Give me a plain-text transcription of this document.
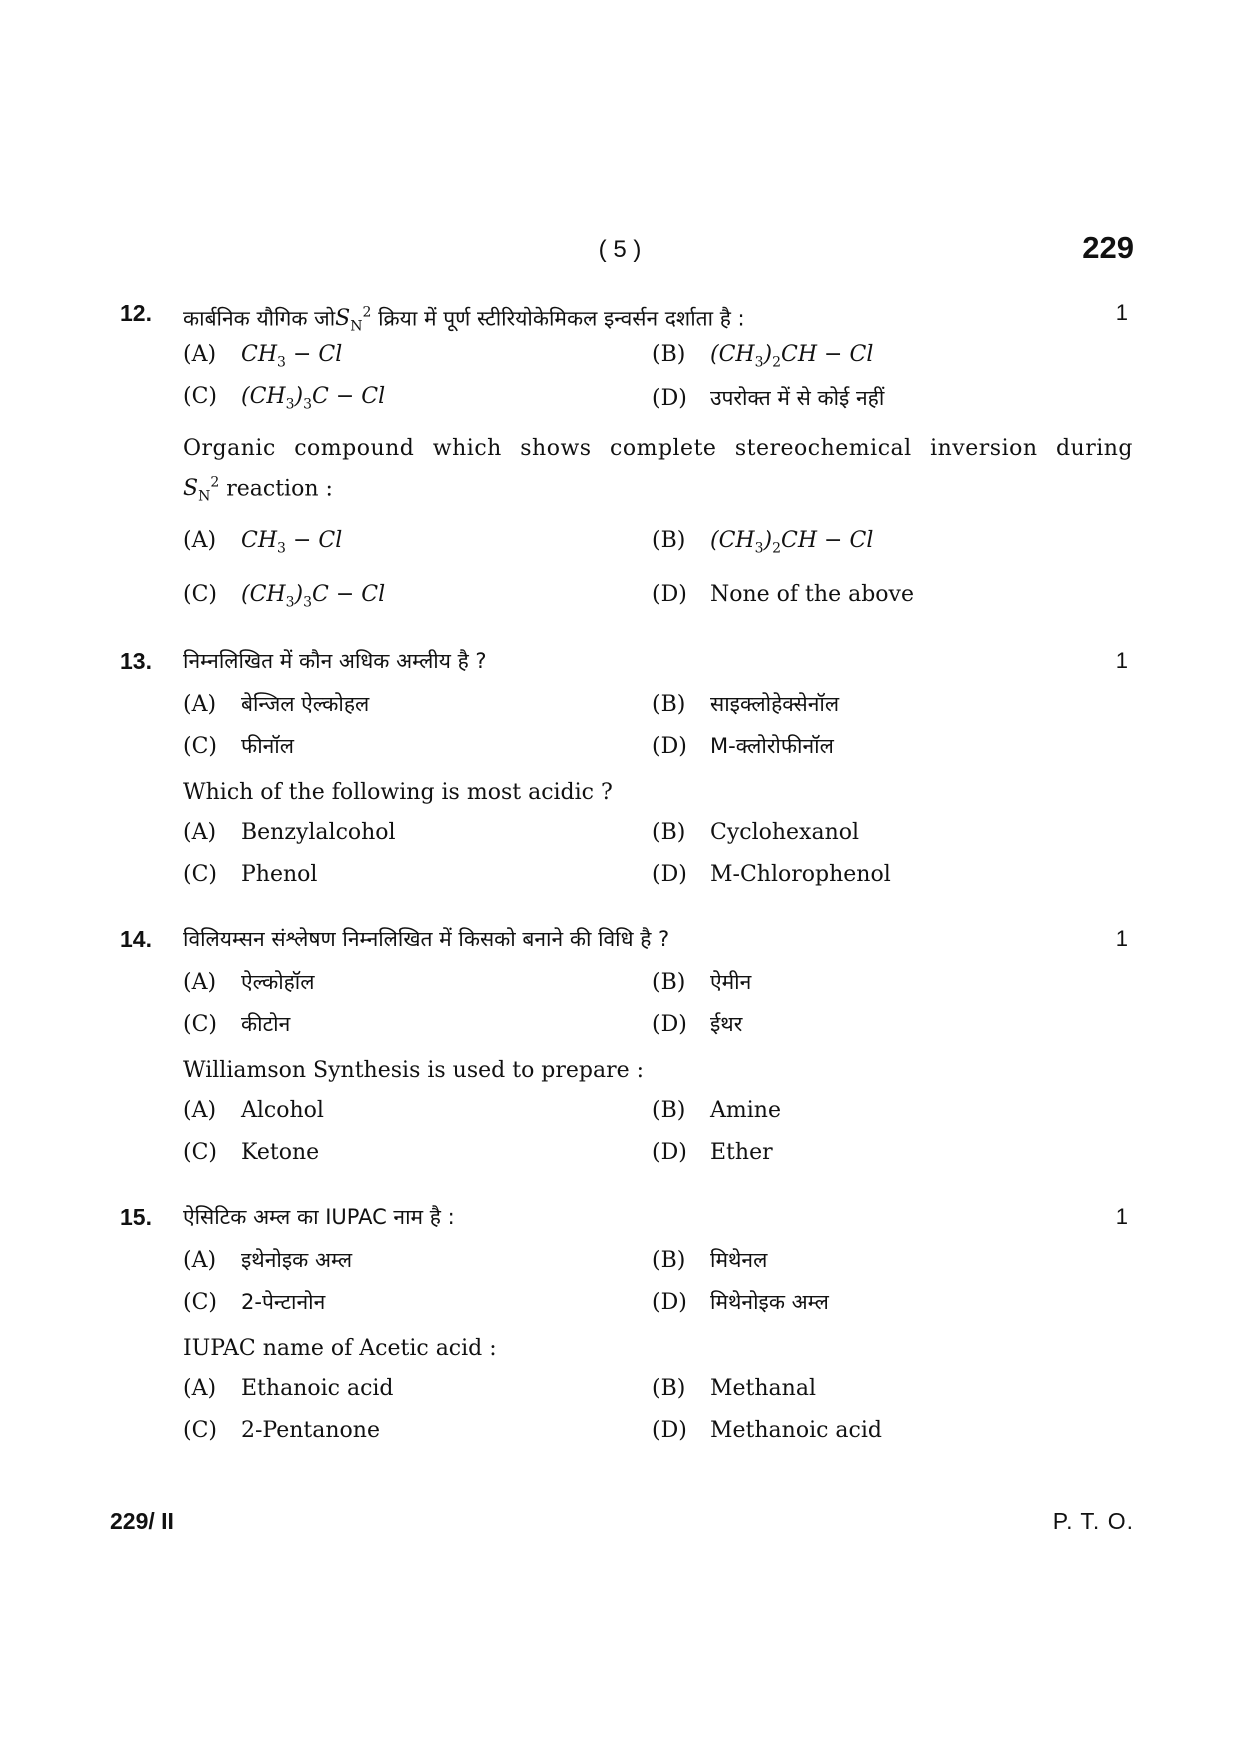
( 5 )	229
12.	1
कार्बनिक यौगिक $जोS_N^2$ क्रिया में पूर्ण स्टीरियोकेमिकल इन्वर्सन दर्शाता है :
(A) $CH_3 - Cl$	(B) $(CH_3)_2CH - Cl$
(C) $(CH_3)_3C - Cl$	(D) उपरोक्त में से कोई नहीं
Organic compound which shows complete stereochemical inversion during
$S_N^2$ reaction :
(A) $CH_3 - Cl$	(B) $(CH_3)_2CH - Cl$
(C) $(CH_3)_3C - Cl$	(D) None of the above
13.	1
निम्नलिखित में कौन अधिक अम्लीय है ?
(A) बेन्जिल ऐल्कोहल	(B) साइक्लोहेक्सेनॉल
(C) फीनॉल	(D) M-क्लोरोफीनॉल
Which of the following is most acidic ?
(A) Benzylalcohol	(B) Cyclohexanol
(C) Phenol	(D) M-Chlorophenol
14.	1
विलियम्सन संश्लेषण निम्नलिखित में किसको बनाने की विधि है ?
(A) ऐल्कोहॉल	(B) ऐमीन
(C) कीटोन	(D) ईथर
Williamson Synthesis is used to prepare :
(A) Alcohol	(B) Amine
(C) Ketone	(D) Ether
15.	1
ऐसिटिक अम्ल का IUPAC नाम है :
(A) इथेनोइक अम्ल	(B) मिथेनल
(C) 2-पेन्टानोन	(D) मिथेनोइक अम्ल
IUPAC name of Acetic acid :
(A) Ethanoic acid	(B) Methanal
(C) 2-Pentanone	(D) Methanoic acid
229/ II	P. T. O.
